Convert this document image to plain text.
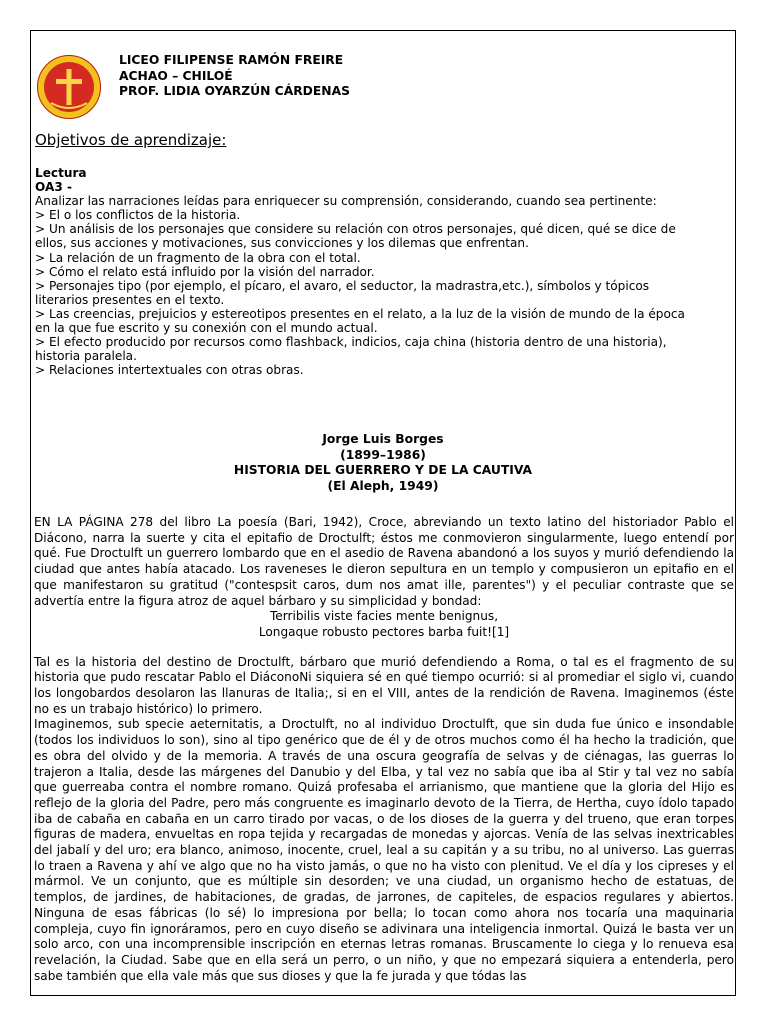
LICEO FILIPENSE RAMÓN FREIRE
ACHAO – CHILOÉ
PROF. LIDIA OYARZÚN CÁRDENAS
Objetivos de aprendizaje:
Lectura
OA3 -
Analizar las narraciones leídas para enriquecer su comprensión, considerando, cuando sea pertinente:
> El o los conflictos de la historia.
> Un análisis de los personajes que considere su relación con otros personajes, qué dicen, qué se dice de
ellos, sus acciones y motivaciones, sus convicciones y los dilemas que enfrentan.
> La relación de un fragmento de la obra con el total.
> Cómo el relato está influido por la visión del narrador.
> Personajes tipo (por ejemplo, el pícaro, el avaro, el seductor, la madrastra,etc.), símbolos y tópicos
literarios presentes en el texto.
> Las creencias, prejuicios y estereotipos presentes en el relato, a la luz de la visión de mundo de la época
en la que fue escrito y su conexión con el mundo actual.
> El efecto producido por recursos como flashback, indicios, caja china (historia dentro de una historia),
historia paralela.
> Relaciones intertextuales con otras obras.
Jorge Luis Borges
(1899–1986)
HISTORIA DEL GUERRERO Y DE LA CAUTIVA
(El Aleph, 1949)

EN LA PÁGINA 278 del libro La poesía (Bari, 1942), Croce, abreviando un texto latino del historiador Pablo el Diácono, narra la suerte y cita el epitafio de Droctulft; éstos me conmovieron singularmente, luego entendí por qué. Fue Droctulft un guerrero lombardo que en el asedio de Ravena abandonó a los suyos y murió defendiendo la ciudad que antes había atacado. Los raveneses le dieron sepultura en un templo y compusieron un epitafio en el que manifestaron su gratitud ("contespsit caros, dum nos amat ille, parentes") y el peculiar contraste que se advertía entre la figura atroz de aquel bárbaro y su simplicidad y bondad:

Terribilis viste facies mente benignus,

Longaque robusto pectores barba fuit![1]

Tal es la historia del destino de Droctulft, bárbaro que murió defendiendo a Roma, o tal es el fragmento de su historia que pudo rescatar Pablo el DiáconoNi siquiera sé en qué tiempo ocurrió: si al promediar el siglo vi, cuando los longobardos desolaron las llanuras de Italia;, si en el VIII, antes de la rendición de Ravena. Imaginemos (éste no es un trabajo histórico) lo primero.

Imaginemos, sub specie aeternitatis, a Droctulft, no al individuo Droctulft, que sin duda fue único e insondable (todos los individuos lo son), sino al tipo genérico que de él y de otros muchos como él ha hecho la tradición, que es obra del olvido y de la memoria. A través de una oscura geografía de selvas y de ciénagas, las guerras lo trajeron a Italia, desde las márgenes del Danubio y del Elba, y tal vez no sabía que iba al Stir y tal vez no sabía que guerreaba contra el nombre romano. Quizá profesaba el arrianismo, que mantiene que la gloria del Hijo es reflejo de la gloria del Padre, pero más congruente es imaginarlo devoto de la Tierra, de Hertha, cuyo ídolo tapado iba de cabaña en cabaña en un carro tirado por vacas, o de los dioses de la guerra y del trueno, que eran torpes figuras de madera, envueltas en ropa tejida y recargadas de monedas y ajorcas. Venía de las selvas inextricables del jabalí y del uro; era blanco, animoso, inocente, cruel, leal a su capitán y a su tribu, no al universo. Las guerras lo traen a Ravena y ahí ve algo que no ha visto jamás, o que no ha visto con plenitud. Ve el día y los cipreses y el mármol. Ve un conjunto, que es múltiple sin desorden; ve una ciudad, un organismo hecho de estatuas, de templos, de jardines, de habitaciones, de gradas, de jarrones, de capiteles, de espacios regulares y abiertos. Ninguna de esas fábricas (lo sé) lo impresiona por bella; lo tocan como ahora nos tocaría una maquinaria compleja, cuyo fin ignoráramos, pero en cuyo diseño se adivinara una inteligencia inmortal. Quizá le basta ver un solo arco, con una incomprensible inscripción en eternas letras romanas. Bruscamente lo ciega y lo renueva esa revelación, la Ciudad. Sabe que en ella será un perro, o un niño, y que no empezará siquiera a entenderla, pero sabe también que ella vale más que sus dioses y que la fe jurada y que tódas las
